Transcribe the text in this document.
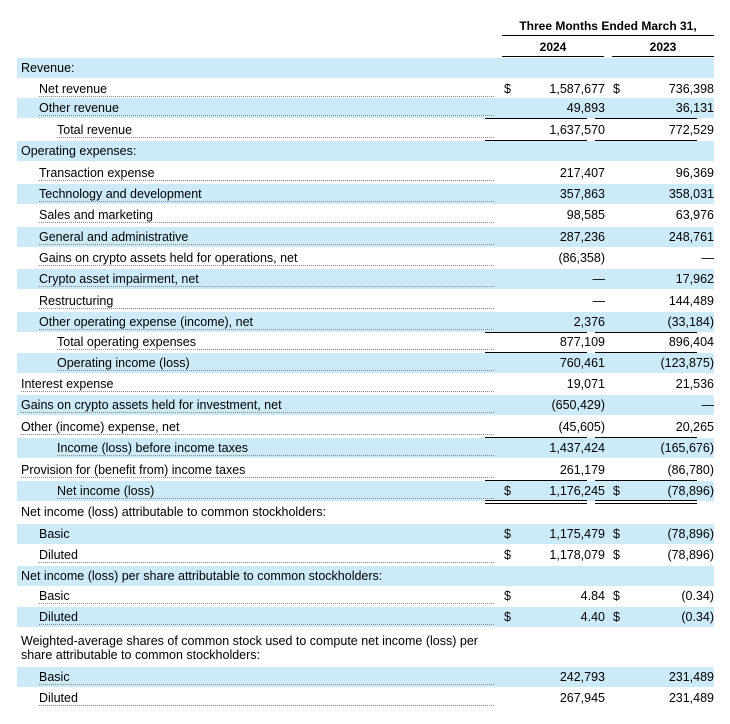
Three Months Ended March 31,
2024	2023
Revenue:
Net revenue	$	1,587,677 $	736,398
Other revenue	49,893	36,131
Total revenue	1,637,570	772,529
Operating expenses:
Transaction expense	217,407	96,369
Technology and development	357,863	358,031
Sales and marketing	98,585	63,976
General and administrative	287,236	248,761
Gains on crypto assets held for operations, net	(86,358)	—
Crypto asset impairment, net	—	17,962
Restructuring	—	144,489
Other operating expense (income), net	2,376	(33,184)
Total operating expenses	877,109	896,404
Operating income (loss)	760,461	(123,875)
Interest expense	19,071	21,536
Gains on crypto assets held for investment, net	(650,429)	—
Other (income) expense, net	(45,605)	20,265
Income (loss) before income taxes	1,437,424	(165,676)
Provision for (benefit from) income taxes	261,179	(86,780)
Net income (loss)	$	1,176,245 $	(78,896)
Net income (loss) attributable to common stockholders:
Basic	$	1,175,479 $	(78,896)
Diluted	$	1,178,079 $	(78,896)
Net income (loss) per share attributable to common stockholders:
Basic	$	4.84 $	(0.34)
Diluted	$	4.40 $	(0.34)
Weighted-average shares of common stock used to compute net income (loss) per share attributable to common stockholders:
Basic	242,793	231,489
Diluted	267,945	231,489
